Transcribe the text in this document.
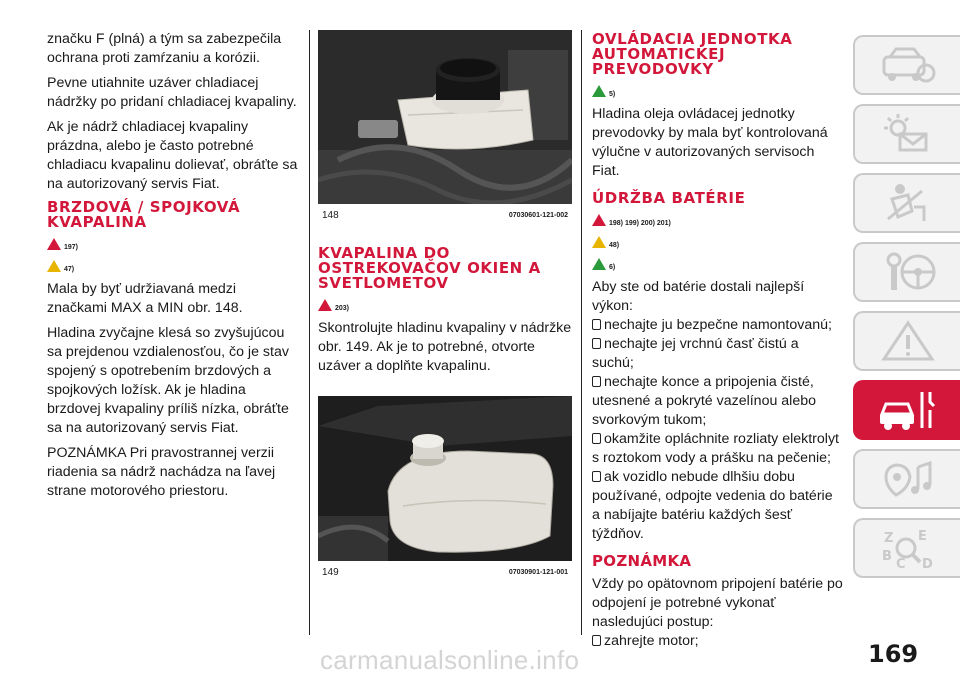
značku F (plná) a tým sa zabezpečila ochrana proti zamŕzaniu a korózii.

Pevne utiahnite uzáver chladiacej nádržky po pridaní chladiacej kvapaliny.

Ak je nádrž chladiacej kvapaliny prázdna, alebo je často potrebné chladiacu kvapalinu dolievať, obráťte sa na autorizovaný servis Fiat.

BRZDOVÁ / SPOJKOVÁ KVAPALINA
197)
47)

Mala by byť udržiavaná medzi značkami MAX a MIN obr. 148.

Hladina zvyčajne klesá so zvyšujúcou sa prejdenou vzdialenosťou, čo je stav spojený s opotrebením brzdových a spojkových ložísk. Ak je hladina brzdovej kvapaliny príliš nízka, obráťte sa na autorizovaný servis Fiat.

POZNÁMKA Pri pravostrannej verzii riadenia sa nádrž nachádza na ľavej strane motorového priestoru.

148	07030601-121-002
KVAPALINA DO OSTREKOVAČOV OKIEN A SVETLOMETOV
203)

Skontrolujte hladinu kvapaliny v nádržke obr. 149. Ak je to potrebné, otvorte uzáver a doplňte kvapalinu.

149	07030901-121-001
OVLÁDACIA JEDNOTKA AUTOMATICKEJ PREVODOVKY
5)

Hladina oleja ovládacej jednotky prevodovky by mala byť kontrolovaná výlučne v autorizovaných servisoch Fiat.

ÚDRŽBA BATÉRIE
198) 199) 200) 201)
48)
6)

Aby ste od batérie dostali najlepší výkon:
nechajte ju bezpečne namontovanú;
nechajte jej vrchnú časť čistú a suchú;
nechajte konce a pripojenia čisté, utesnené a pokryté vazelínou alebo svorkovým tukom;
okamžite opláchnite rozliaty elektrolyt s roztokom vody a prášku na pečenie;
ak vozidlo nebude dlhšiu dobu používané, odpojte vedenia do batérie a nabíjajte batériu každých šesť týždňov.

POZNÁMKA

Vždy po opätovnom pripojení batérie po odpojení je potrebné vykonať nasledujúci postup:
zahrejte motor;

Z E
B
C D
169
carmanualsonline.info
